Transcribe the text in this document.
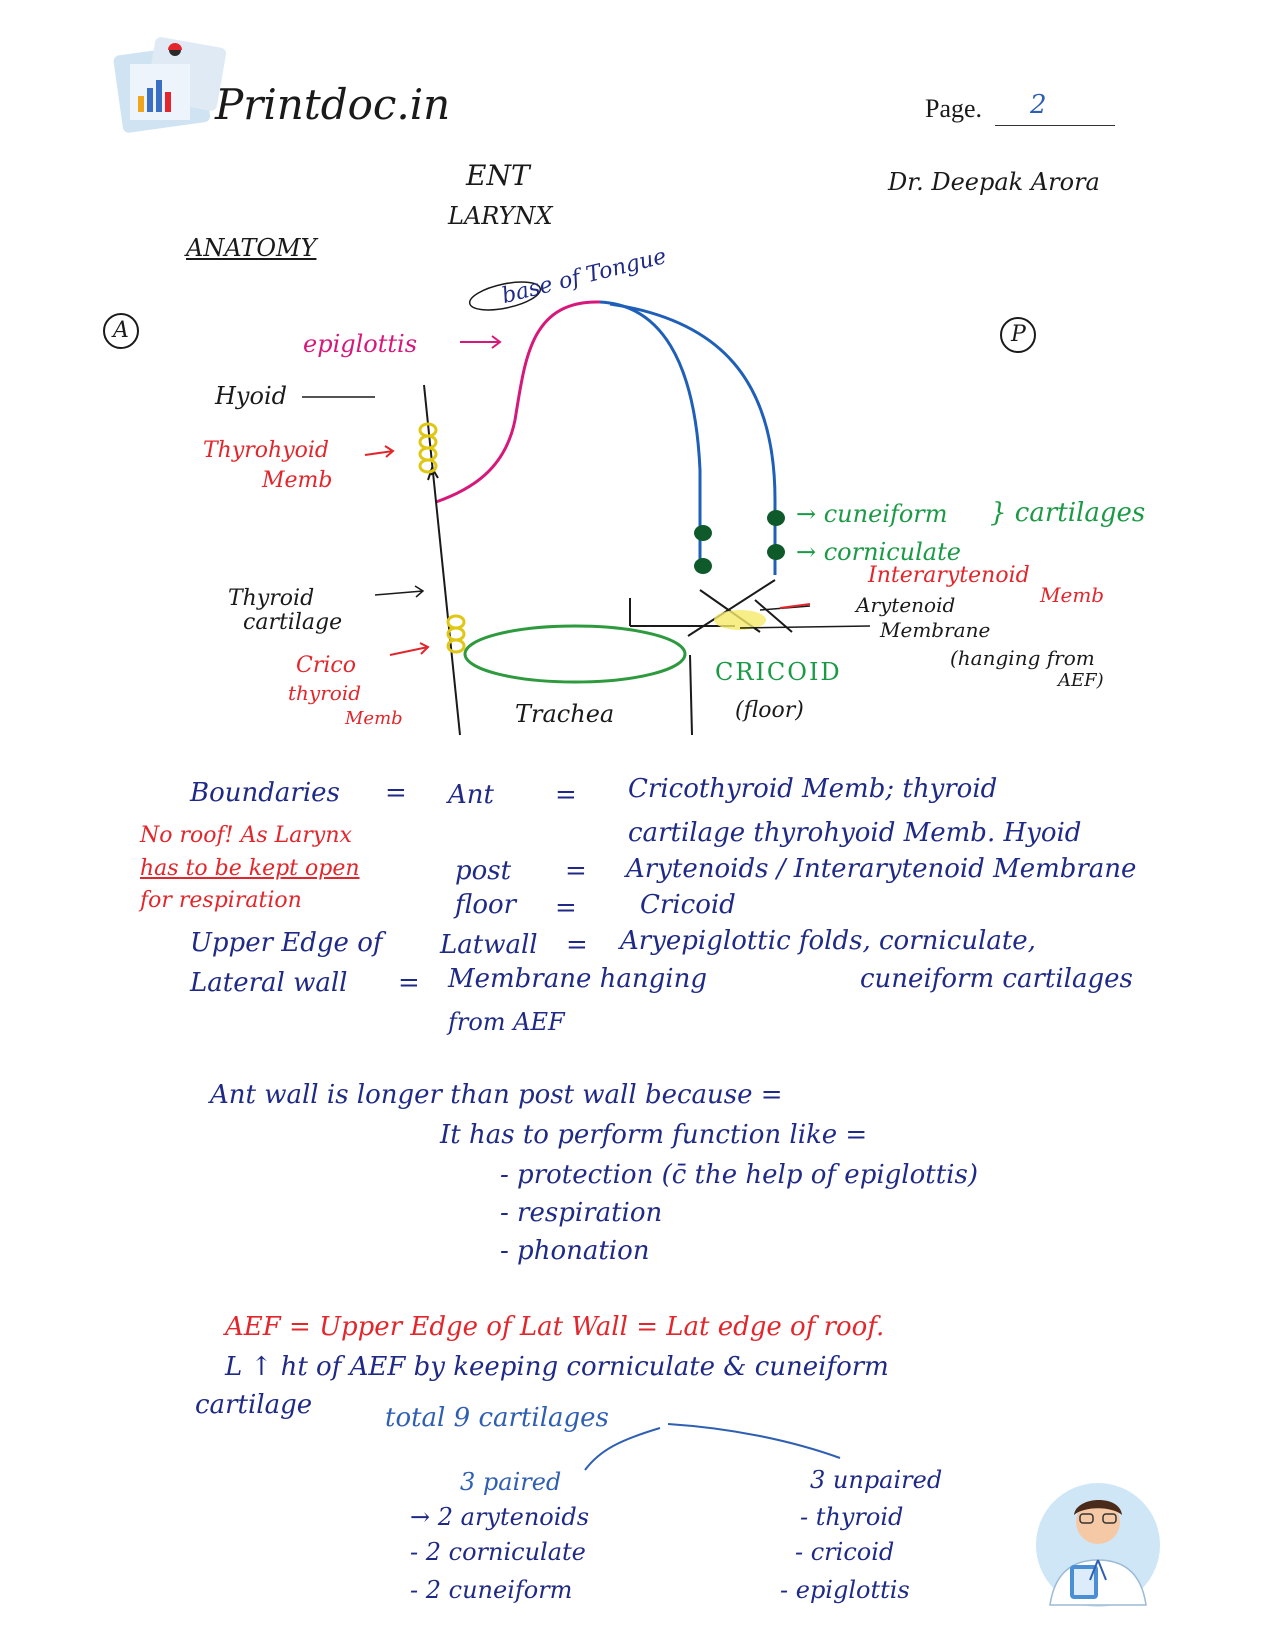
Printdoc.in	Page. 2
ENT
LARYNX
Dr. Deepak Arora
ANATOMY	base of Tongue
A	P
epiglottis
Hyoid
Thyrohyoid
Memb
Thyroid
cartilage
Crico
thyroid
Memb
→ cuneiform
→ corniculate
} cartilages
Interarytenoid
Memb
Arytenoid
Membrane
(hanging from
AEF)
CRICOID
(floor)
Trachea
Boundaries = Ant = Cricothyroid Memb; thyroid
cartilage thyrohyoid Memb. Hyoid
No roof! As Larynx
has to be kept open
for respiration
post = Arytenoids / Interarytenoid Membrane
floor = Cricoid
Upper Edge of Latwall = Aryepiglottic folds, corniculate,
Lateral wall = Membrane hanging	cuneiform cartilages
from AEF
Ant wall is longer than post wall because =
It has to perform function like =
- protection (c̄ the help of epiglottis)
- respiration
- phonation
AEF = Upper Edge of Lat Wall = Lat edge of roof.
L ↑ ht of AEF by keeping corniculate & cuneiform
cartilage	total 9 cartilages
3 paired
→ 2 arytenoids
- 2 corniculate
- 2 cuneiform
3 unpaired
- thyroid
- cricoid
- epiglottis
